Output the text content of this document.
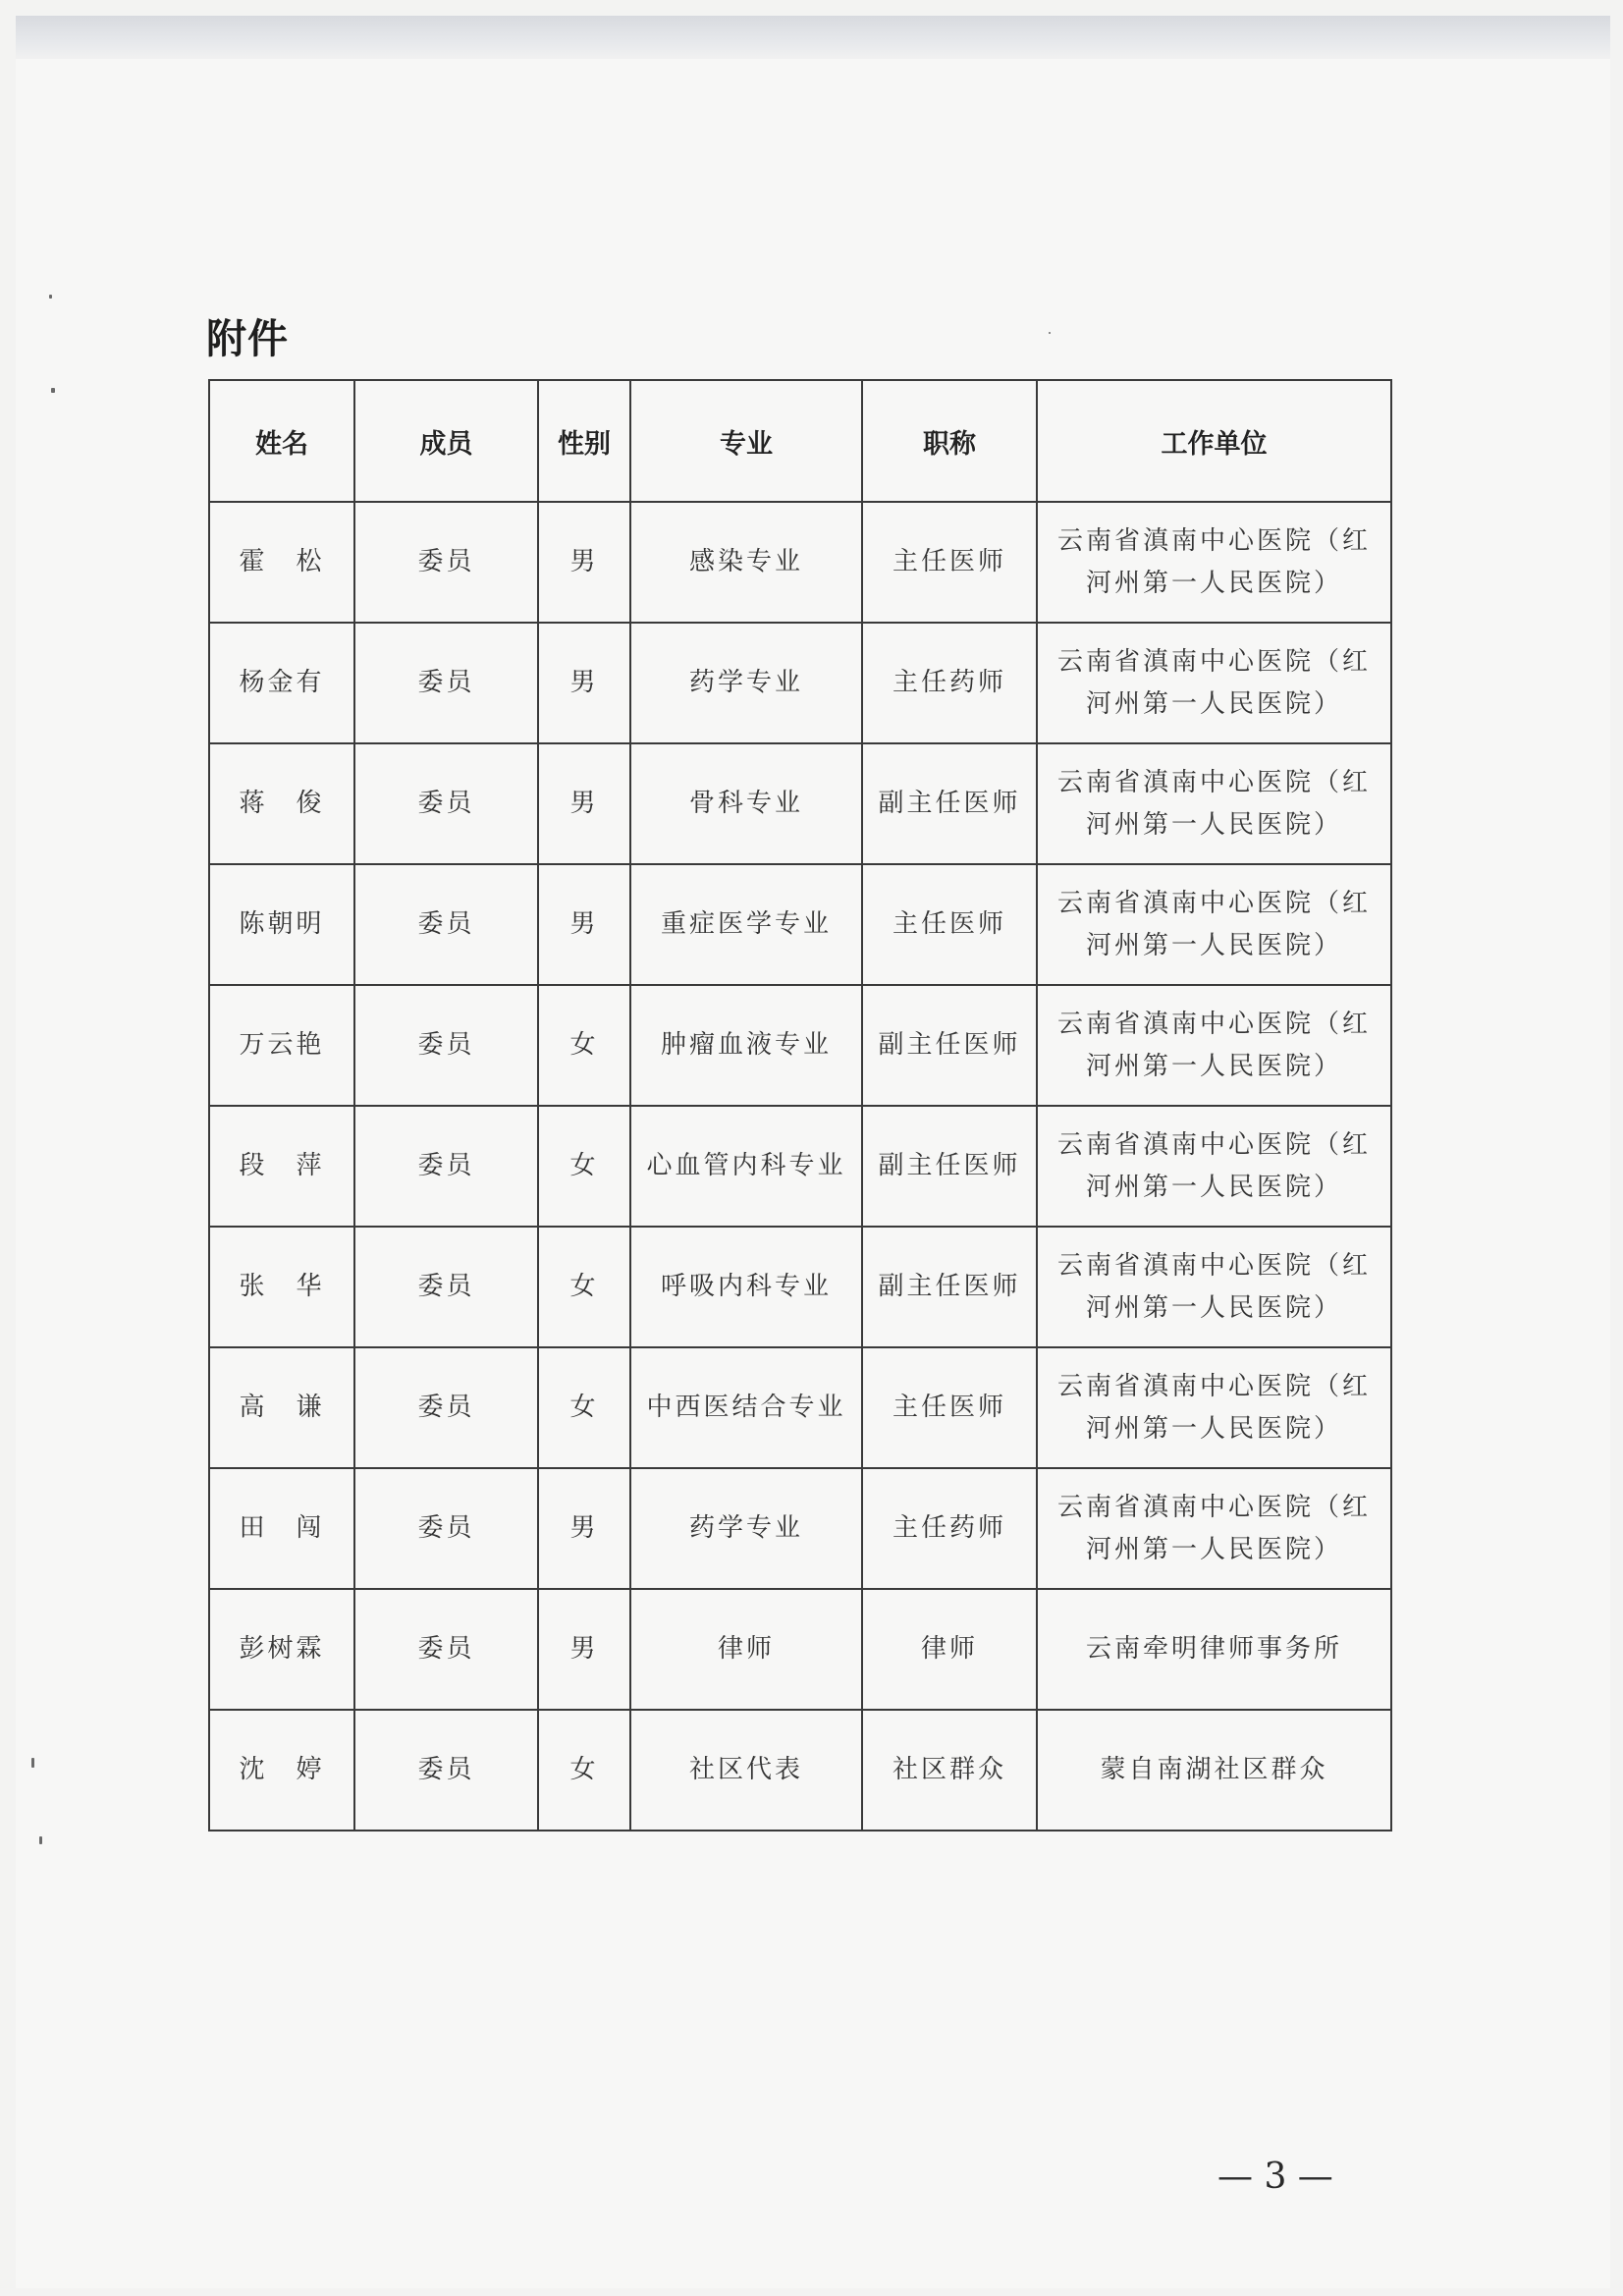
附件
姓名	成员	性别	专业	职称	工作单位
霍　松	委员	男	感染专业	主任医师	云南省滇南中心医院（红河州第一人民医院）
杨金有	委员	男	药学专业	主任药师	云南省滇南中心医院（红河州第一人民医院）
蒋　俊	委员	男	骨科专业	副主任医师	云南省滇南中心医院（红河州第一人民医院）
陈朝明	委员	男	重症医学专业	主任医师	云南省滇南中心医院（红河州第一人民医院）
万云艳	委员	女	肿瘤血液专业	副主任医师	云南省滇南中心医院（红河州第一人民医院）
段　萍	委员	女	心血管内科专业	副主任医师	云南省滇南中心医院（红河州第一人民医院）
张　华	委员	女	呼吸内科专业	副主任医师	云南省滇南中心医院（红河州第一人民医院）
高　谦	委员	女	中西医结合专业	主任医师	云南省滇南中心医院（红河州第一人民医院）
田　闯	委员	男	药学专业	主任药师	云南省滇南中心医院（红河州第一人民医院）
彭树霖	委员	男	律师	律师	云南牵明律师事务所
沈　婷	委员	女	社区代表	社区群众	蒙自南湖社区群众
— 3 —
